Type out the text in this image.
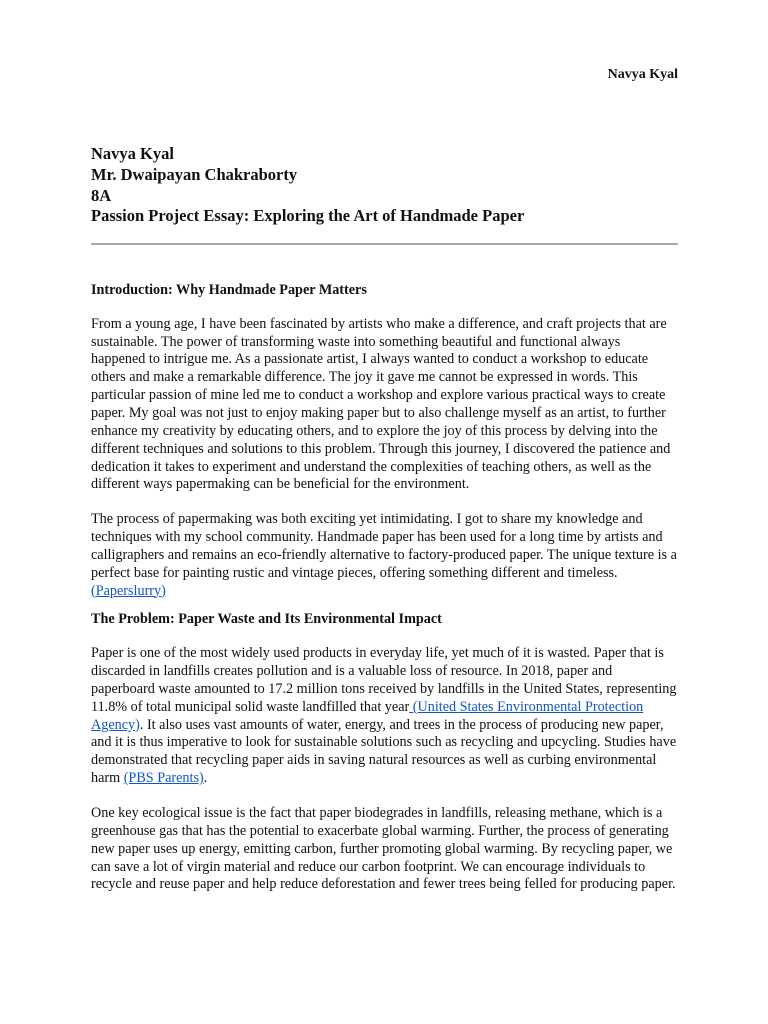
Navya Kyal
Navya Kyal
Mr. Dwaipayan Chakraborty
8A
Passion Project Essay: Exploring the Art of Handmade Paper
Introduction: Why Handmade Paper Matters

From a young age, I have been fascinated by artists who make a difference, and craft projects that are sustainable. The power of transforming waste into something beautiful and functional always happened to intrigue me. As a passionate artist, I always wanted to conduct a workshop to educate others and make a remarkable difference. The joy it gave me cannot be expressed in words. This particular passion of mine led me to conduct a workshop and explore various practical ways to create paper. My goal was not just to enjoy making paper but to also challenge myself as an artist, to further enhance my creativity by educating others, and to explore the joy of this process by delving into the different techniques and solutions to this problem. Through this journey, I discovered the patience and dedication it takes to experiment and understand the complexities of teaching others, as well as the different ways papermaking can be beneficial for the environment.

The process of papermaking was both exciting yet intimidating. I got to share my knowledge and techniques with my school community. Handmade paper has been used for a long time by artists and calligraphers and remains an eco-friendly alternative to factory-produced paper. The unique texture is a perfect base for painting rustic and vintage pieces, offering something different and timeless. (Paperslurry)

The Problem: Paper Waste and Its Environmental Impact

Paper is one of the most widely used products in everyday life, yet much of it is wasted. Paper that is discarded in landfills creates pollution and is a valuable loss of resource. In 2018, paper and paperboard waste amounted to 17.2 million tons received by landfills in the United States, representing 11.8% of total municipal solid waste landfilled that year (United States Environmental Protection Agency). It also uses vast amounts of water, energy, and trees in the process of producing new paper, and it is thus imperative to look for sustainable solutions such as recycling and upcycling. Studies have demonstrated that recycling paper aids in saving natural resources as well as curbing environmental harm (PBS Parents).

One key ecological issue is the fact that paper biodegrades in landfills, releasing methane, which is a greenhouse gas that has the potential to exacerbate global warming. Further, the process of generating new paper uses up energy, emitting carbon, further promoting global warming. By recycling paper, we can save a lot of virgin material and reduce our carbon footprint. We can encourage individuals to recycle and reuse paper and help reduce deforestation and fewer trees being felled for producing paper.
